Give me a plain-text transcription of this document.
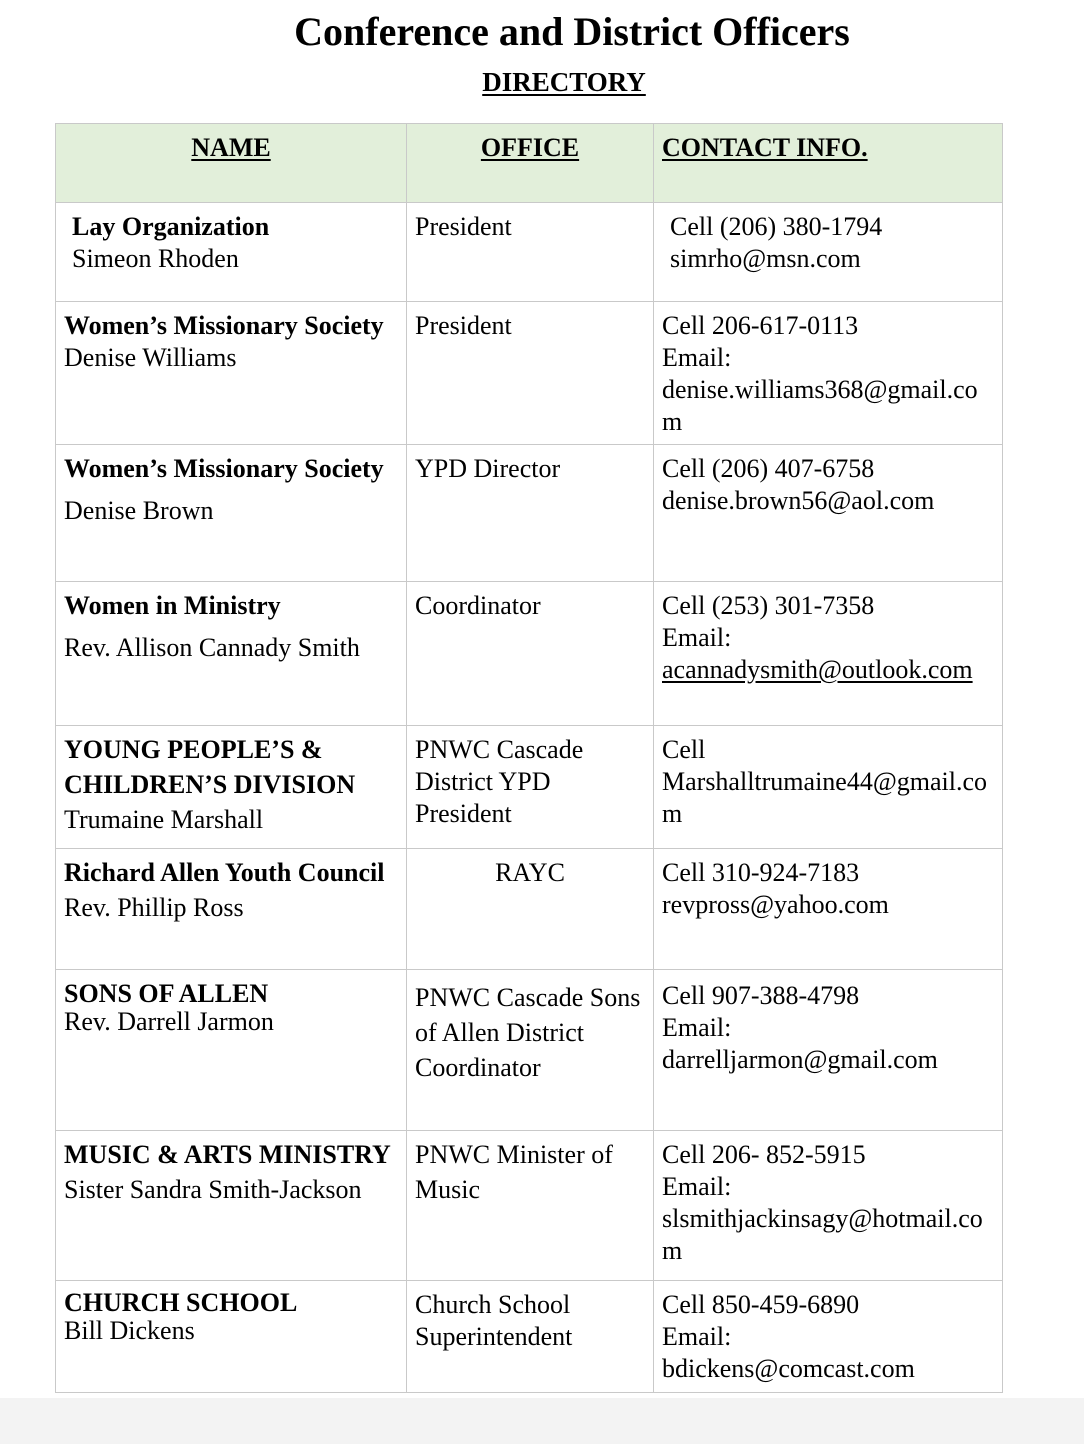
Conference and District Officers
DIRECTORY
NAME	OFFICE	CONTACT INFO.

Lay Organization
Simeon Rhoden	President	Cell (206) 380-1794
simrho@msn.com

Women’s Missionary Society
Denise Williams	President	Cell 206-617-0113
Email:
denise.williams368@gmail.com

Women’s Missionary Society
Denise Brown	YPD Director	Cell (206) 407-6758
denise.brown56@aol.com

Women in Ministry
Rev. Allison Cannady Smith	Coordinator	Cell (253) 301-7358
Email:
acannadysmith@outlook.com

YOUNG PEOPLE’S & CHILDREN’S DIVISION
Trumaine Marshall	PNWC Cascade District YPD President	Cell
Marshalltrumaine44@gmail.com

Richard Allen Youth Council
Rev. Phillip Ross	RAYC	Cell 310-924-7183
revpross@yahoo.com

SONS OF ALLEN
Rev. Darrell Jarmon	PNWC Cascade Sons of Allen District Coordinator	Cell 907-388-4798
Email:
darrelljarmon@gmail.com

MUSIC & ARTS MINISTRY
Sister Sandra Smith-Jackson	PNWC Minister of Music	Cell 206- 852-5915
Email:
slsmithjackinsagy@hotmail.com

CHURCH SCHOOL
Bill Dickens	Church School Superintendent	Cell 850-459-6890
Email:
bdickens@comcast.com
